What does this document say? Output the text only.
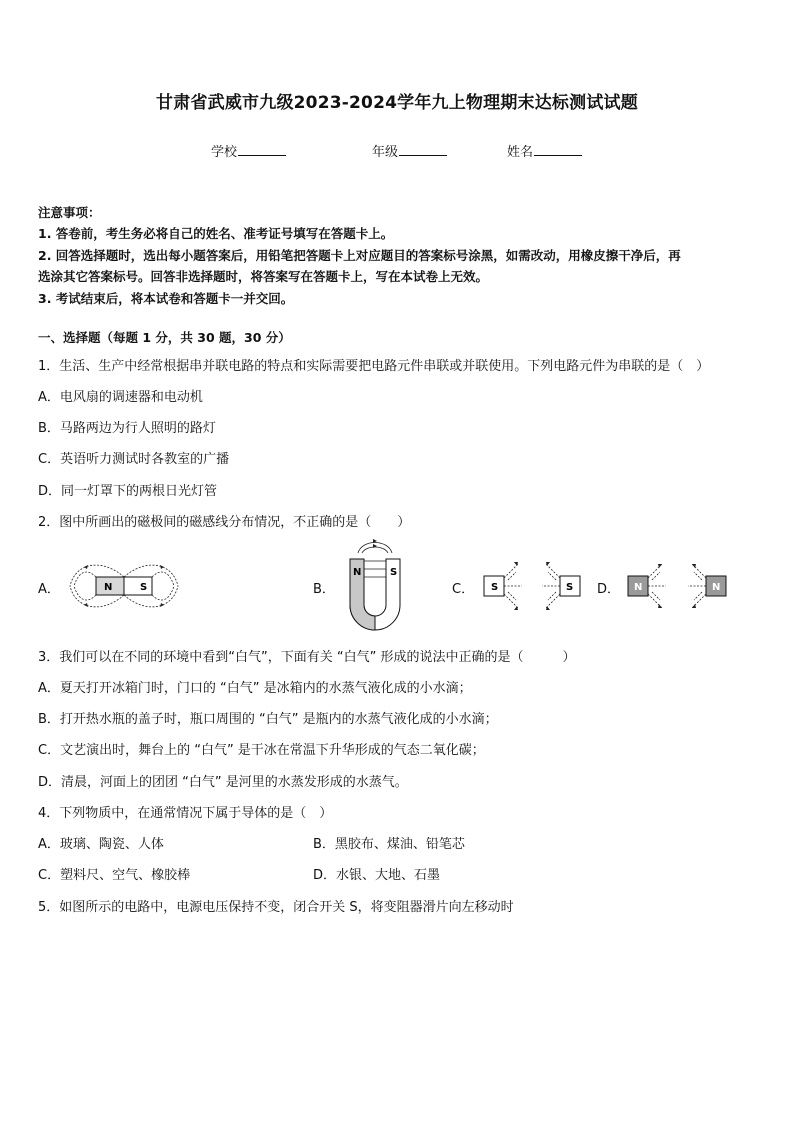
甘肃省武威市九级2023-2024学年九上物理期末达标测试试题
学校	年级	姓名
注意事项：
1. 答卷前，考生务必将自己的姓名、准考证号填写在答题卡上。
2. 回答选择题时，选出每小题答案后，用铅笔把答题卡上对应题目的答案标号涂黑，如需改动，用橡皮擦干净后，再
选涂其它答案标号。回答非选择题时，将答案写在答题卡上，写在本试卷上无效。
3. 考试结束后，将本试卷和答题卡一并交回。
一、选择题（每题 1 分，共 30 题，30 分）
1．生活、生产中经常根据串并联电路的特点和实际需要把电路元件串联或并联使用。下列电路元件为串联的是（　）
A．电风扇的调速器和电动机
B．马路两边为行人照明的路灯
C．英语听力测试时各教室的广播
D．同一灯罩下的两根日光灯管
2．图中所画出的磁极间的磁感线分布情况，不正确的是（　　）
A．	B．	C．	D．
N	S
N	S
S	S	N	N
3．我们可以在不同的环境中看到“白气”，下面有关 “白气” 形成的说法中正确的是（　　　）
A．夏天打开冰箱门时，门口的 “白气” 是冰箱内的水蒸气液化成的小水滴；
B．打开热水瓶的盖子时，瓶口周围的 “白气” 是瓶内的水蒸气液化成的小水滴；
C．文艺演出时，舞台上的 “白气” 是干冰在常温下升华形成的气态二氧化碳；
D．清晨，河面上的团团 “白气” 是河里的水蒸发形成的水蒸气。
4．下列物质中，在通常情况下属于导体的是（　）
A．玻璃、陶瓷、人体	B．黑胶布、煤油、铅笔芯
C．塑料尺、空气、橡胶棒	D．水银、大地、石墨
5．如图所示的电路中，电源电压保持不变，闭合开关 S，将变阻器滑片向左移动时
